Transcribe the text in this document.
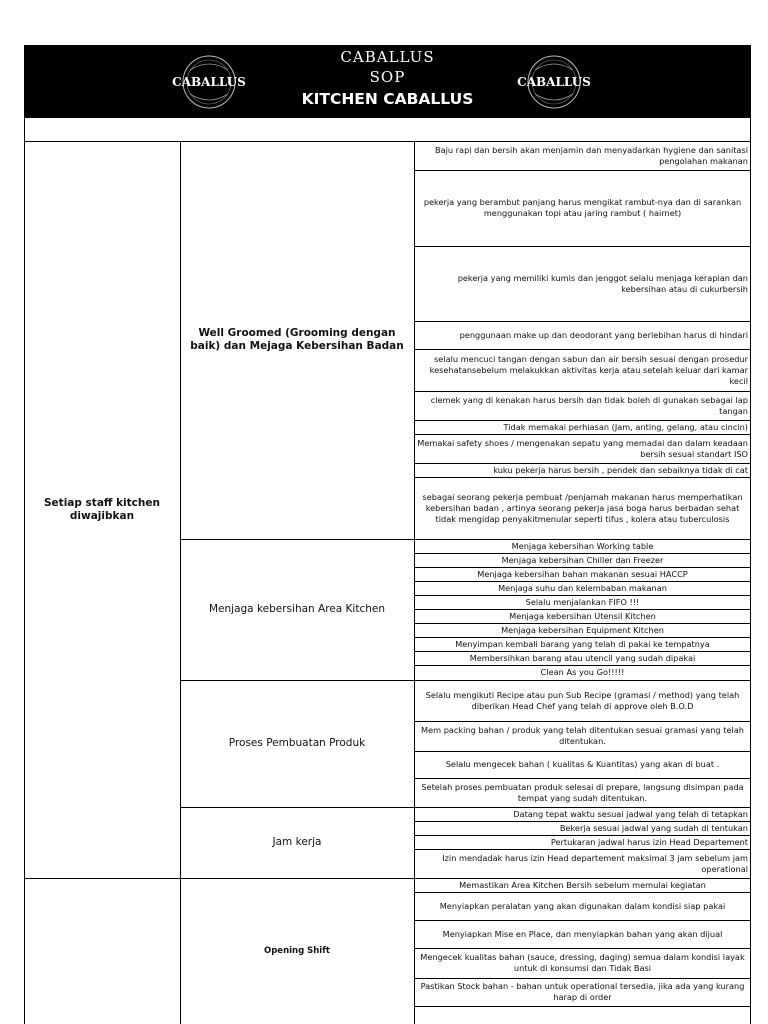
CABALLUS
SOP
KITCHEN CABALLUS
CABALLUS	CABALLUS
Setiap staff kitchen diwajibkan
Well Groomed (Grooming dengan baik) dan Mejaga Kebersihan Badan
Menjaga kebersihan Area Kitchen
Proses Pembuatan Produk
Jam kerja
Opening Shift
Baju rapi dan bersih akan menjamin dan menyadarkan hygiene dan sanitasi pengolahan makanan
pekerja yang berambut panjang harus mengikat rambut-nya dan di sarankan menggunakan topi atau jaring rambut ( hairnet)
pekerja yang memiliki kumis dan jenggot selalu menjaga kerapian dan kebersihan atau di cukurbersih
penggunaan make up dan deodorant yang berlebihan harus di hindari
selalu mencuci tangan dengan sabun dan air bersih sesuai dengan prosedur kesehatansebelum melakukkan aktivitas kerja atau setelah keluar dari kamar kecil
clemek yang di kenakan harus bersih dan tidak boleh di gunakan sebagai lap tangan
Tidak memakai perhiasan (Jam, anting, gelang, atau cincin)
Memakai safety shoes / mengenakan sepatu yang memadai dan dalam keadaan bersih sesuai standart ISO
kuku pekerja harus bersih , pendek dan sebaiknya tidak di cat
sebagai seorang pekerja pembuat /penjamah makanan harus memperhatikan kebersihan badan , artinya seorang pekerja jasa boga harus berbadan sehat tidak mengidap penyakitmenular seperti tifus , kolera atau tuberculosis
Menjaga kebersihan Working table
Menjaga kebersihan Chiller dan Freezer
Menjaga kebersihan bahan makanan sesuai HACCP
Menjaga suhu dan kelembaban makanan
Selalu menjalankan FIFO !!!
Menjaga kebersihan Utensil Kitchen
Menjaga kebersihan Equipment Kitchen
Menyimpan kembali barang yang telah di pakai ke tempatnya
Membersihkan barang atau utencil yang sudah dipakai
Clean As you Go!!!!!
Selalu mengikuti Recipe atau pun Sub Recipe (gramasi / method) yang telah diberikan Head Chef yang telah di approve oleh B.O.D
Mem packing bahan / produk yang telah ditentukan sesuai gramasi yang telah ditentukan.
Selalu mengecek bahan ( kualitas & Kuantitas) yang akan di buat .
Setelah proses pembuatan produk selesai di prepare, langsung disimpan pada tempat yang sudah ditentukan.
Datang tepat waktu sesuai jadwal yang telah di tetapkan
Bekerja sesuai jadwal yang sudah di tentukan
Pertukaran jadwal harus izin Head Departement
Izin mendadak harus izin Head departement maksimal 3 jam sebelum jam operational
Memastikan Area Kitchen Bersih sebelum memulai kegiatan
Menyiapkan peralatan yang akan digunakan dalam kondisi siap pakai
Menyiapkan Mise en Place, dan menyiapkan bahan yang akan dijual
Mengecek kualitas bahan (sauce, dressing, daging) semua dalam kondisi layak untuk di konsumsi dan Tidak Basi
Pastikan Stock bahan - bahan untuk operational tersedia, jika ada yang kurang harap di order
